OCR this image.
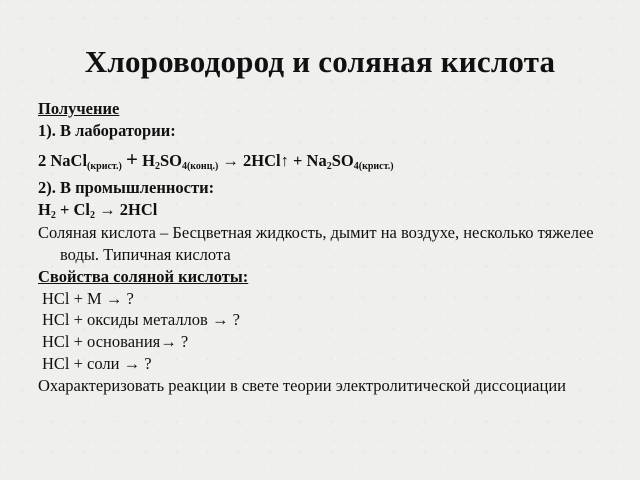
Хлороводород и соляная кислота

Получение

1). В лаборатории:

2 NaCl$_{(крист.)}$ + $H_2SO_{4(конц.)}$ → 2HCl↑ + $Na_2SO_{4(крист.)}$

2). В промышленности:

$H_2 + Cl_2 \to 2HCl$

Соляная кислота – Бесцветная жидкость, дымит на воздухе, несколько тяжелее воды. Типичная кислота

Свойства соляной кислоты:

HCl + M → ?

HCl + оксиды металлов → ?

HCl + основания→ ?

HCl + соли → ?

Охарактеризовать реакции в свете теории электролитической диссоциации
